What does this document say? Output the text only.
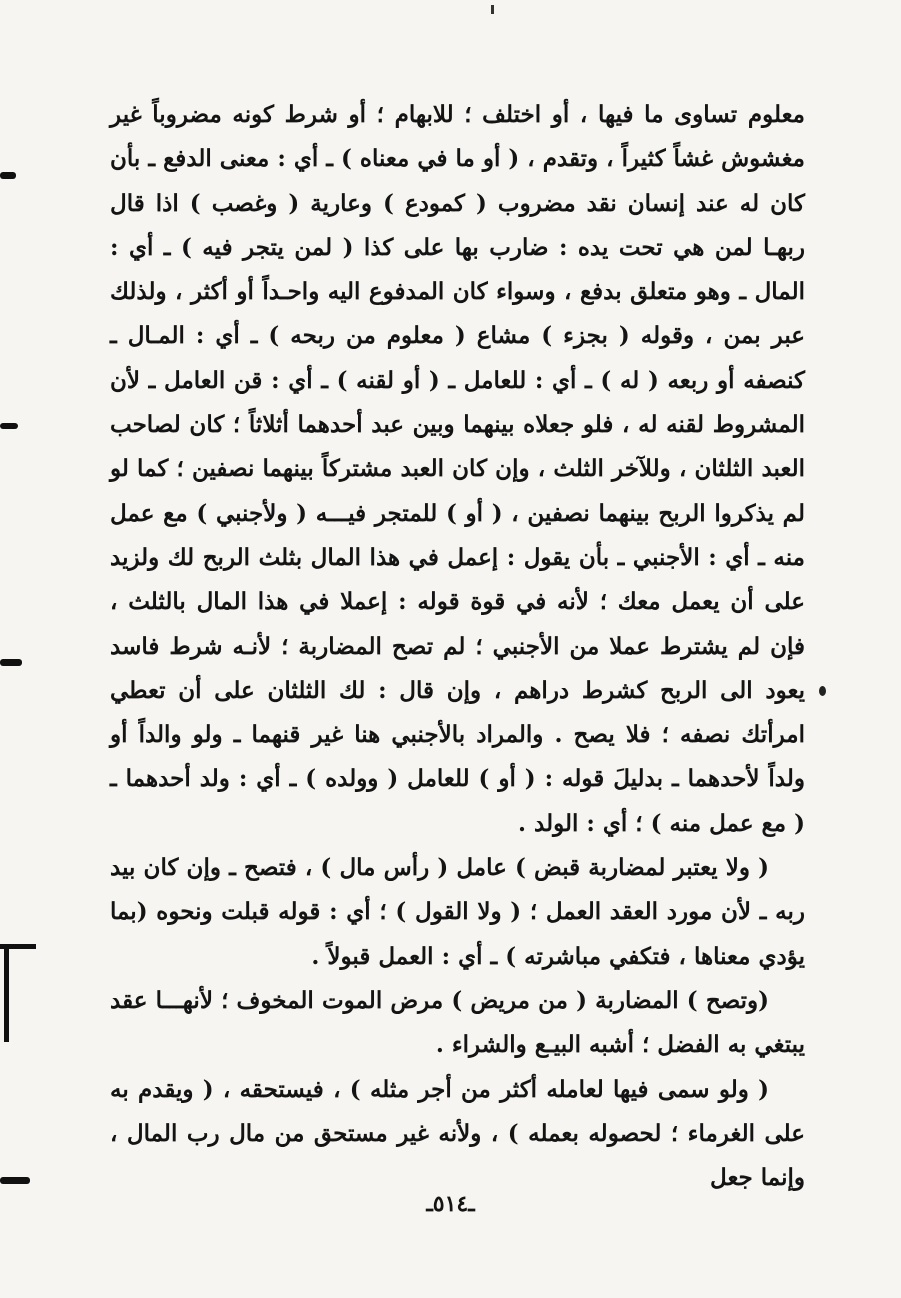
معلوم تساوى ما فيها ، أو اختلف ؛ للابهام ؛ أو شرط كونه مضروباً غير مغشوش غشاً كثيراً ، وتقدم ، ( أو ما في معناه ) ـ أي : معنى الدفع ـ بأن كان له عند إنسان نقد مضروب ( كمودع ) وعارية ( وغصب ) اذا قال ربهـا لمن هي تحت يده : ضارب بها على كذا ( لمن يتجر فيه ) ـ أي : المال ـ وهو متعلق بدفع ، وسواء كان المدفوع اليه واحـداً أو أكثر ، ولذلك عبر بمن ، وقوله ( بجزء ) مشاع ( معلوم من ربحه ) ـ أي : المـال ـ كنصفه أو ربعه ( له ) ـ أي : للعامل ـ ( أو لقنه ) ـ أي : قن العامل ـ لأن المشروط لقنه له ، فلو جعلاه بينهما وبين عبد أحدهما أثلاثاً ؛ كان لصاحب العبد الثلثان ، وللآخر الثلث ، وإن كان العبد مشتركاً بينهما نصفين ؛ كما لو لم يذكروا الربح بينهما نصفين ، ( أو ) للمتجر فيـــه ( ولأجنبي ) مع عمل منه ـ أي : الأجنبي ـ بأن يقول : إعمل في هذا المال بثلث الربح لك ولزيد على أن يعمل معك ؛ لأنه في قوة قوله : إعملا في هذا المال بالثلث ، فإن لم يشترط عملا من الأجنبي ؛ لم تصح المضاربة ؛ لأنـه شرط فاسد يعود الى الربح كشرط دراهم ، وإن قال : لك الثلثان على أن تعطي امرأتك نصفه ؛ فلا يصح . والمراد بالأجنبي هنا غير قنهما ـ ولو والداً أو ولداً لأحدهما ـ بدليلَ قوله : ( أو ) للعامل ( وولده ) ـ أي : ولد أحدهما ـ ( مع عمل منه ) ؛ أي : الولد .

( ولا يعتبر لمضاربة قبض ) عامل ( رأس مال ) ، فتصح ـ وإن كان بيد ربه ـ لأن مورد العقد العمل ؛ ( ولا القول ) ؛ أي : قوله قبلت ونحوه (بما يؤدي معناها ، فتكفي مباشرته ) ـ أي : العمل قبولاً .

(وتصح ) المضاربة ( من مريض ) مرض الموت المخوف ؛ لأنهـــا عقد يبتغي به الفضل ؛ أشبه البيـع والشراء .

( ولو سمى فيها لعامله أكثر من أجر مثله ) ، فيستحقه ، ( ويقدم به على الغرماء ؛ لحصوله بعمله ) ، ولأنه غير مستحق من مال رب المال ، وإنما جعل

ـ٥١٤ـ
